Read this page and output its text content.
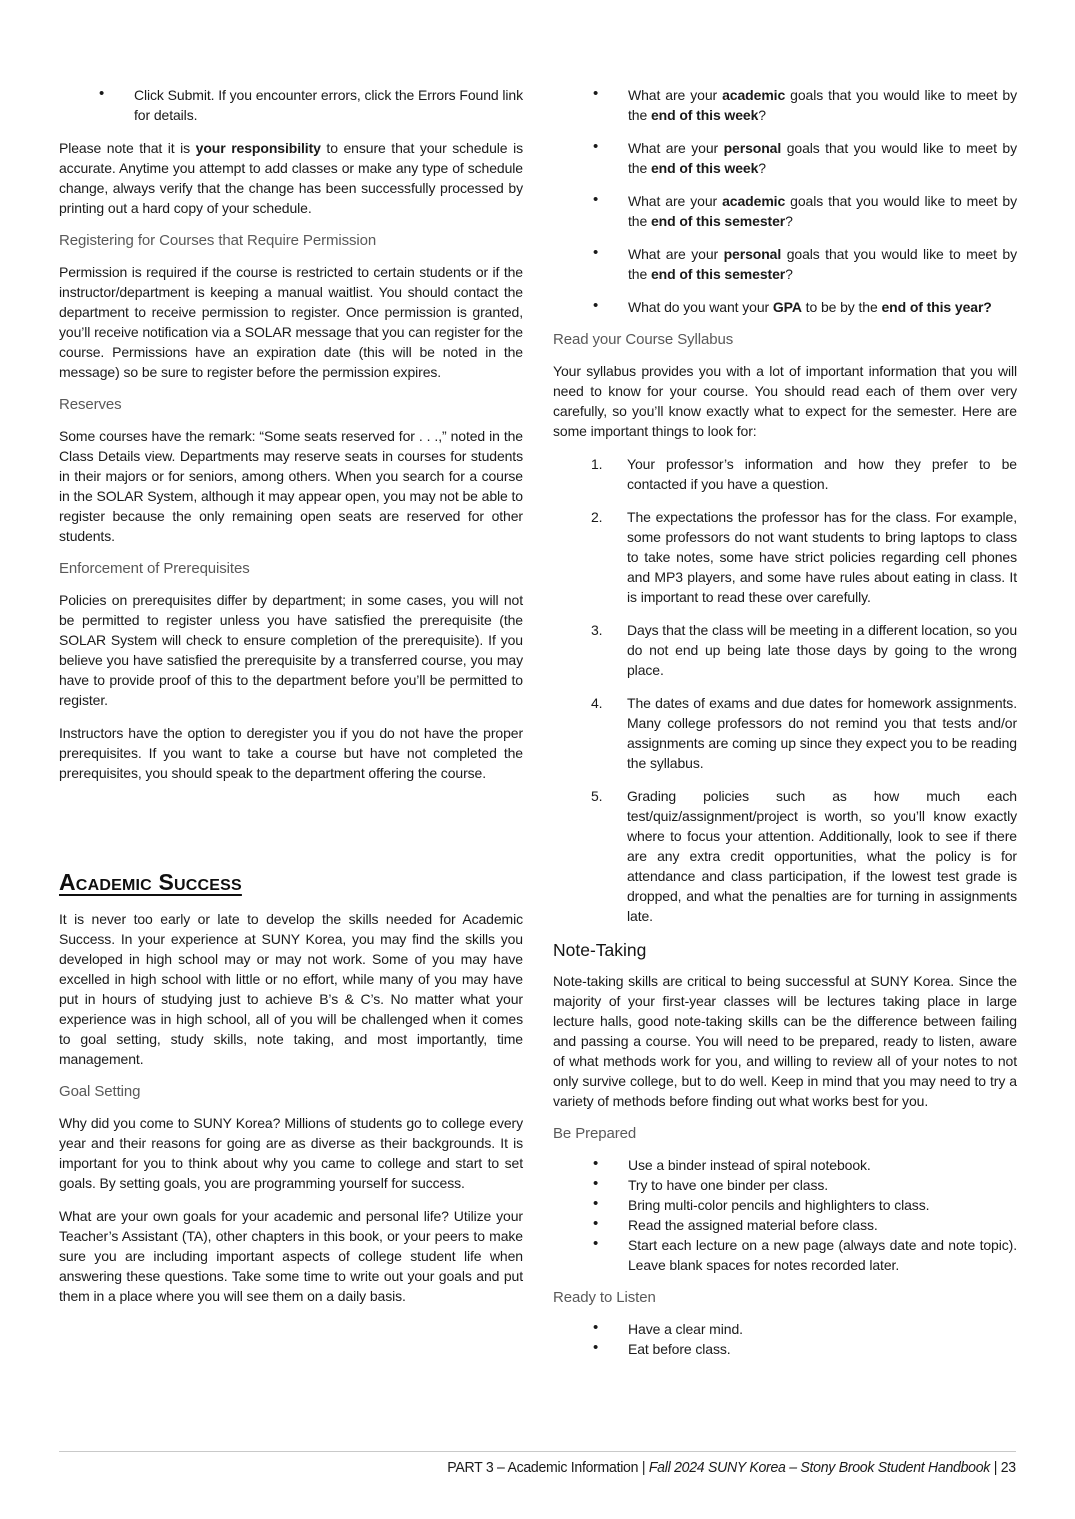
• Click Submit. If you encounter errors, click the Errors Found link for details.

Please note that it is your responsibility to ensure that your schedule is accurate. Anytime you attempt to add classes or make any type of schedule change, always verify that the change has been successfully processed by printing out a hard copy of your schedule.

Registering for Courses that Require Permission

Permission is required if the course is restricted to certain students or if the instructor/department is keeping a manual waitlist. You should contact the department to receive permission to register. Once permission is granted, you’ll receive notification via a SOLAR message that you can register for the course. Permissions have an expiration date (this will be noted in the message) so be sure to register before the permission expires.

Reserves

Some courses have the remark: “Some seats reserved for . . .,” noted in the Class Details view. Departments may reserve seats in courses for students in their majors or for seniors, among others. When you search for a course in the SOLAR System, although it may appear open, you may not be able to register because the only remaining open seats are reserved for other students.

Enforcement of Prerequisites

Policies on prerequisites differ by department; in some cases, you will not be permitted to register unless you have satisfied the prerequisite (the SOLAR System will check to ensure completion of the prerequisite). If you believe you have satisfied the prerequisite by a transferred course, you may have to provide proof of this to the department before you’ll be permitted to register.

Instructors have the option to deregister you if you do not have the proper prerequisites. If you want to take a course but have not completed the prerequisites, you should speak to the department offering the course.

Academic Success

It is never too early or late to develop the skills needed for Academic Success. In your experience at SUNY Korea, you may find the skills you developed in high school may or may not work. Some of you may have excelled in high school with little or no effort, while many of you may have put in hours of studying just to achieve B’s & C’s. No matter what your experience was in high school, all of you will be challenged when it comes to goal setting, study skills, note taking, and most importantly, time management.

Goal Setting

Why did you come to SUNY Korea? Millions of students go to college every year and their reasons for going are as diverse as their backgrounds. It is important for you to think about why you came to college and start to set goals. By setting goals, you are programming yourself for success.

What are your own goals for your academic and personal life? Utilize your Teacher’s Assistant (TA), other chapters in this book, or your peers to make sure you are including important aspects of college student life when answering these questions. Take some time to write out your goals and put them in a place where you will see them on a daily basis.

• What are your academic goals that you would like to meet by the end of this week?
• What are your personal goals that you would like to meet by the end of this week?
• What are your academic goals that you would like to meet by the end of this semester?
• What are your personal goals that you would like to meet by the end of this semester?
• What do you want your GPA to be by the end of this year?
Read your Course Syllabus

Your syllabus provides you with a lot of important information that you will need to know for your course. You should read each of them over very carefully, so you’ll know exactly what to expect for the semester. Here are some important things to look for:

1. Your professor’s information and how they prefer to be contacted if you have a question.
2. The expectations the professor has for the class. For example, some professors do not want students to bring laptops to class to take notes, some have strict policies regarding cell phones and MP3 players, and some have rules about eating in class. It is important to read these over carefully.
3. Days that the class will be meeting in a different location, so you do not end up being late those days by going to the wrong place.
4. The dates of exams and due dates for homework assignments. Many college professors do not remind you that tests and/or assignments are coming up since they expect you to be reading the syllabus.
5. Grading policies such as how much each test/quiz/assignment/project is worth, so you’ll know exactly where to focus your attention. Additionally, look to see if there are any extra credit opportunities, what the policy is for attendance and class participation, if the lowest test grade is dropped, and what the penalties are for turning in assignments late.
Note-Taking

Note-taking skills are critical to being successful at SUNY Korea. Since the majority of your first-year classes will be lectures taking place in large lecture halls, good note-taking skills can be the difference between failing and passing a course. You will need to be prepared, ready to listen, aware of what methods work for you, and willing to review all of your notes to not only survive college, but to do well. Keep in mind that you may need to try a variety of methods before finding out what works best for you.

Be Prepared
• Use a binder instead of spiral notebook.
• Try to have one binder per class.
• Bring multi-color pencils and highlighters to class.
• Read the assigned material before class.
• Start each lecture on a new page (always date and note topic). Leave blank spaces for notes recorded later.
Ready to Listen
• Have a clear mind.
• Eat before class.
PART 3 – Academic Information | Fall 2024 SUNY Korea – Stony Brook Student Handbook | 23
